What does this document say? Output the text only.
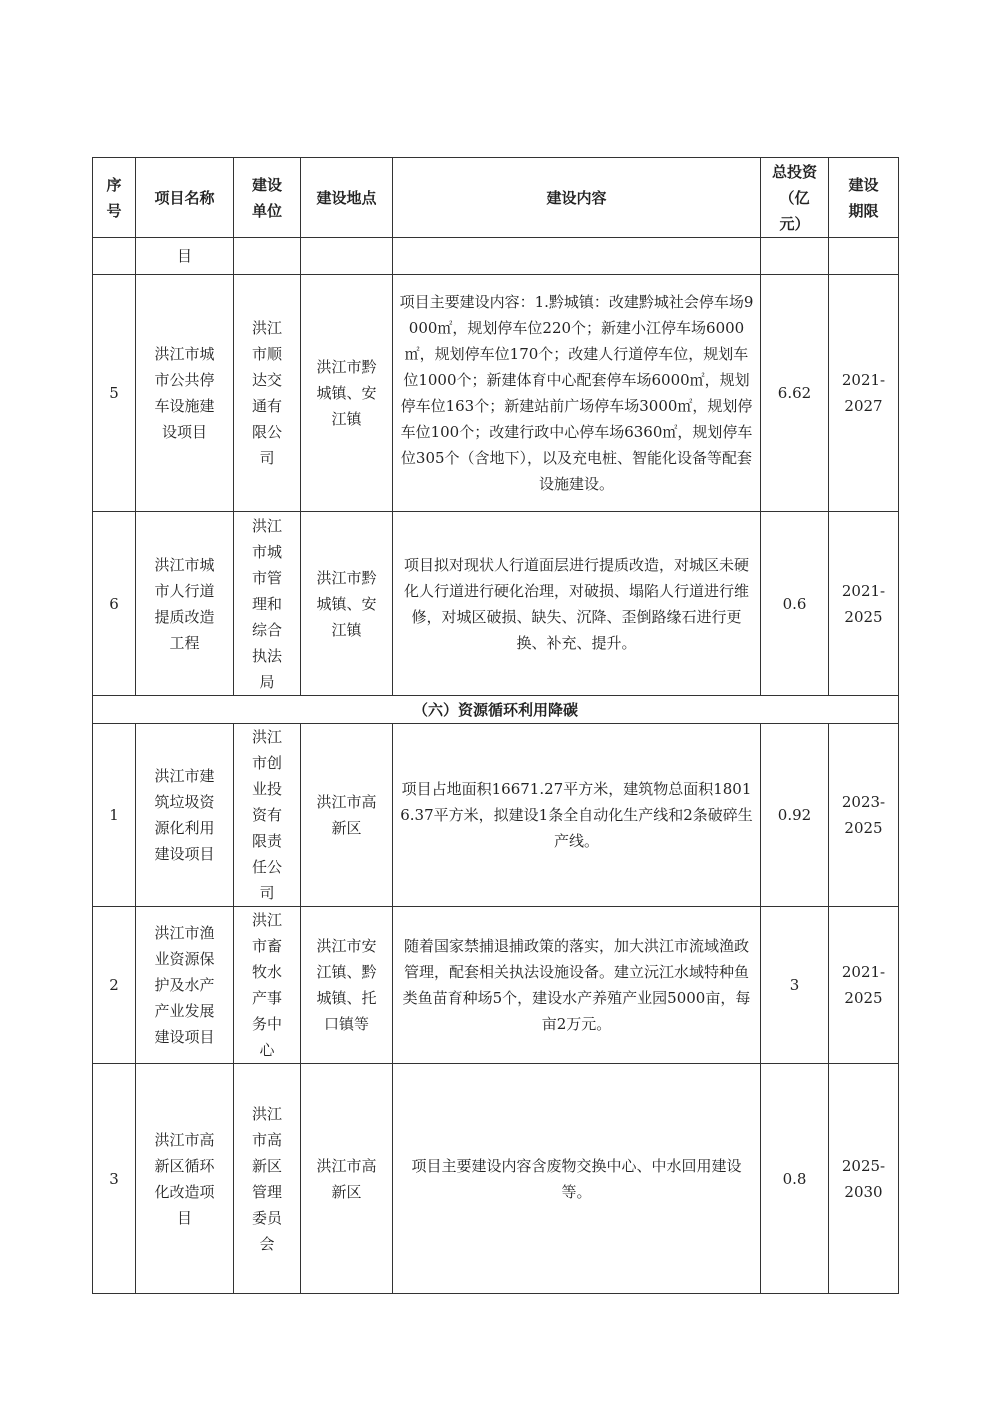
序号	项目名称	建设单位	建设地点	建设内容	总投资（亿元）	建设期限

	目					
5	洪江市城市公共停车设施建设项目	洪江市顺达交通有限公司	洪江市黔城镇、安江镇	项目主要建设内容：1.黔城镇：改建黔城社会停车场9000㎡，规划停车位220个；新建小江停车场6000㎡，规划停车位170个；改建人行道停车位，规划车位1000个；新建体育中心配套停车场6000㎡，规划停车位163个；新建站前广场停车场3000㎡，规划停车位100个；改建行政中心停车场6360㎡，规划停车位305个（含地下），以及充电桩、智能化设备等配套设施建设。	6.62	2021-2027

6	洪江市城市人行道提质改造工程	洪江市城市管理和综合执法局	洪江市黔城镇、安江镇	项目拟对现状人行道面层进行提质改造，对城区未硬化人行道进行硬化治理，对破损、塌陷人行道进行维修，对城区破损、缺失、沉降、歪倒路缘石进行更换、补充、提升。	0.6	2021-2025

（六）资源循环利用降碳						
1	洪江市建筑垃圾资源化利用建设项目	洪江市创业投资有限责任公司	洪江市高新区	项目占地面积16671.27平方米，建筑物总面积18016.37平方米，拟建设1条全自动化生产线和2条破碎生产线。	0.92	2023-2025

2	洪江市渔业资源保护及水产产业发展建设项目	洪江市畜牧水产事务中心	洪江市安江镇、黔城镇、托口镇等	随着国家禁捕退捕政策的落实，加大洪江市流域渔政管理，配套相关执法设施设备。建立沅江水域特种鱼类鱼苗育种场5个，建设水产养殖产业园5000亩，每亩2万元。	3	2021-2025

3	洪江市高新区循环化改造项目	洪江市高新区管理委员会	洪江市高新区	项目主要建设内容含废物交换中心、中水回用建设等。	0.8	2025-2030
